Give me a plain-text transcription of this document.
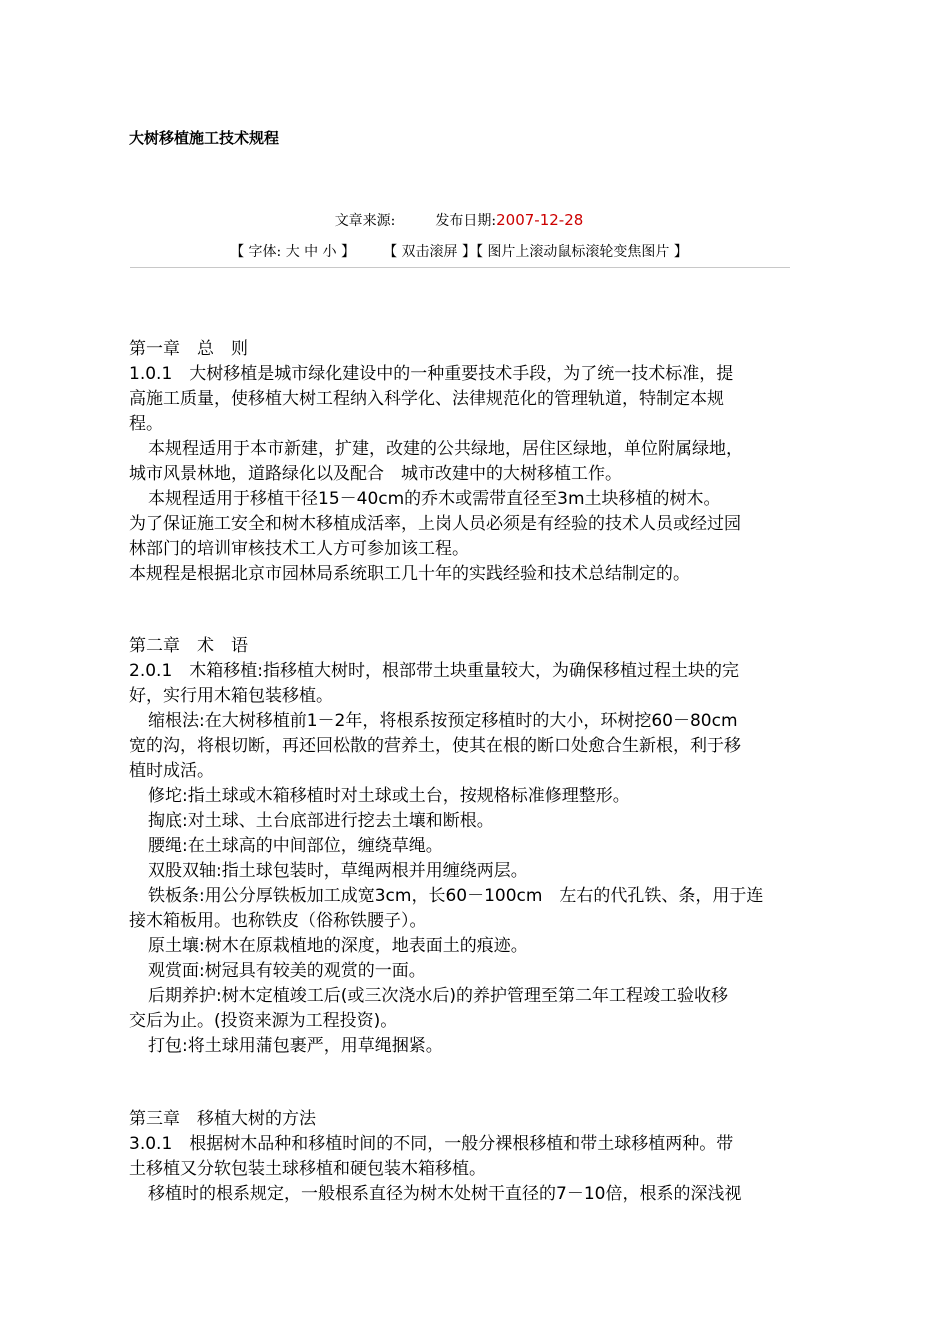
大树移植施工技术规程
文章来源:	发布日期:2007-12-28
【 字体: 大 中 小 】 【 双击滚屏 】【 图片上滚动鼠标滚轮变焦图片 】
第一章　总　则
1.0.1　大树移植是城市绿化建设中的一种重要技术手段，为了统一技术标准，提
高施工质量，使移植大树工程纳入科学化、法律规范化的管理轨道，特制定本规
程。
本规程适用于本市新建，扩建，改建的公共绿地，居住区绿地，单位附属绿地，
城市风景林地，道路绿化以及配合　城市改建中的大树移植工作。
本规程适用于移植干径15－40cm的乔木或需带直径至3m土块移植的树木。
为了保证施工安全和树木移植成活率，上岗人员必须是有经验的技术人员或经过园
林部门的培训审核技术工人方可参加该工程。
本规程是根据北京市园林局系统职工几十年的实践经验和技术总结制定的。
第二章　术　语
2.0.1　木箱移植:指移植大树时，根部带土块重量较大，为确保移植过程土块的完
好，实行用木箱包装移植。
缩根法:在大树移植前1－2年，将根系按预定移植时的大小，环树挖60－80cm
宽的沟，将根切断，再还回松散的营养土，使其在根的断口处愈合生新根，利于移
植时成活。
修坨:指土球或木箱移植时对土球或土台，按规格标准修理整形。
掏底:对土球、土台底部进行挖去土壤和断根。
腰绳:在土球高的中间部位，缠绕草绳。
双股双轴:指土球包装时，草绳两根并用缠绕两层。
铁板条:用公分厚铁板加工成宽3cm，长60－100cm　左右的代孔铁、条，用于连
接木箱板用。也称铁皮（俗称铁腰子）。
原土壤:树木在原栽植地的深度，地表面土的痕迹。
观赏面:树冠具有较美的观赏的一面。
后期养护:树木定植竣工后(或三次浇水后)的养护管理至第二年工程竣工验收移
交后为止。(投资来源为工程投资)。
打包:将土球用蒲包裹严，用草绳捆紧。
第三章　移植大树的方法
3.0.1　根据树木品种和移植时间的不同，一般分裸根移植和带土球移植两种。带
土移植又分软包装土球移植和硬包装木箱移植。
移植时的根系规定，一般根系直径为树木处树干直径的7－10倍，根系的深浅视
